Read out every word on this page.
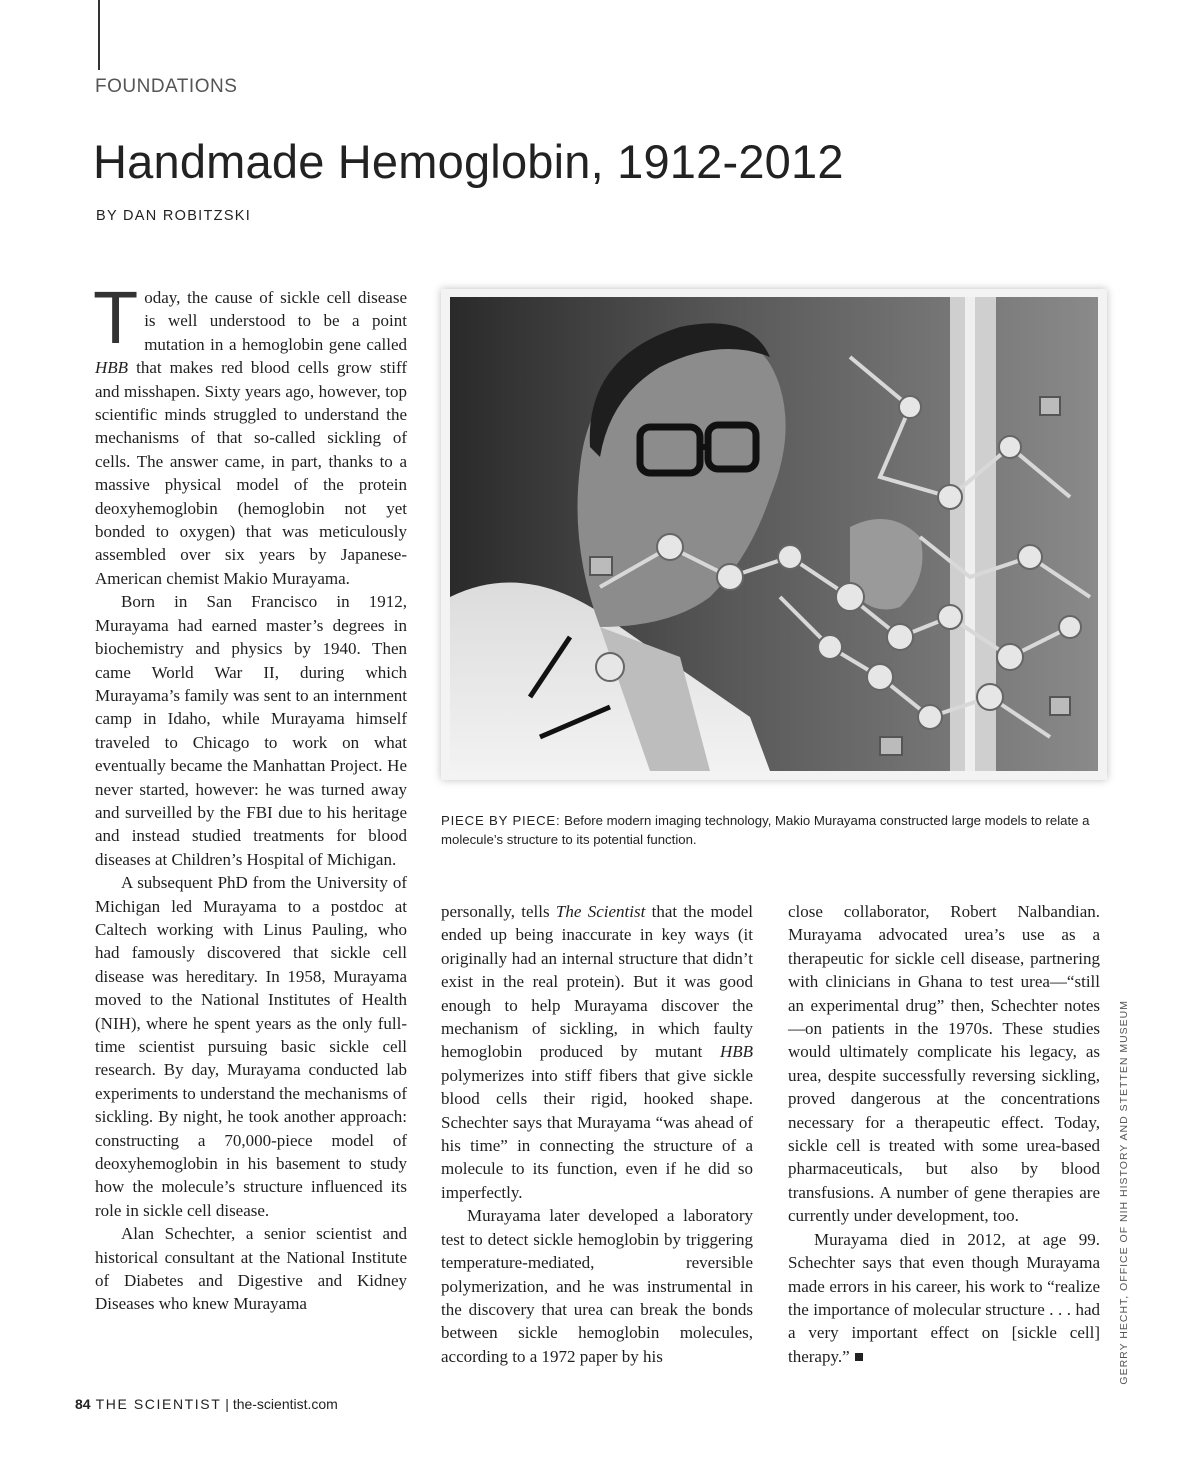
FOUNDATIONS
Handmade Hemoglobin, 1912-2012
BY DAN ROBITZSKI

Today, the cause of sickle cell disease is well understood to be a point mutation in a hemoglobin gene called HBB that makes red blood cells grow stiff and misshapen. Sixty years ago, however, top scientific minds struggled to understand the mechanisms of that so-called sickling of cells. The answer came, in part, thanks to a massive physical model of the protein deoxyhemoglobin (hemoglobin not yet bonded to oxygen) that was meticulously assembled over six years by Japanese-American chemist Makio Murayama.

Born in San Francisco in 1912, Murayama had earned master’s degrees in biochemistry and physics by 1940. Then came World War II, during which Murayama’s family was sent to an internment camp in Idaho, while Murayama himself traveled to Chicago to work on what eventually became the Manhattan Project. He never started, however: he was turned away and surveilled by the FBI due to his heritage and instead studied treatments for blood diseases at Children’s Hospital of Michigan.

A subsequent PhD from the University of Michigan led Murayama to a postdoc at Caltech working with Linus Pauling, who had famously discovered that sickle cell disease was hereditary. In 1958, Murayama moved to the National Institutes of Health (NIH), where he spent years as the only full-time scientist pursuing basic sickle cell research. By day, Murayama conducted lab experiments to understand the mechanisms of sickling. By night, he took another approach: constructing a 70,000-piece model of deoxyhemoglobin in his basement to study how the molecule’s structure influenced its role in sickle cell disease.

Alan Schechter, a senior scientist and historical consultant at the National Institute of Diabetes and Digestive and Kidney Diseases who knew Murayama

PIECE BY PIECE: Before modern imaging technology, Makio Murayama constructed large models to relate a molecule’s structure to its potential function.
GERRY HECHT, OFFICE OF NIH HISTORY AND STETTEN MUSEUM

personally, tells The Scientist that the model ended up being inaccurate in key ways (it originally had an internal structure that didn’t exist in the real protein). But it was good enough to help Murayama discover the mechanism of sickling, in which faulty hemoglobin produced by mutant HBB polymerizes into stiff fibers that give sickle blood cells their rigid, hooked shape. Schechter says that Murayama “was ahead of his time” in connecting the structure of a molecule to its function, even if he did so imperfectly.

Murayama later developed a laboratory test to detect sickle hemoglobin by triggering temperature-mediated, reversible polymerization, and he was instrumental in the discovery that urea can break the bonds between sickle hemoglobin molecules, according to a 1972 paper by his

close collaborator, Robert Nalbandian. Murayama advocated urea’s use as a therapeutic for sickle cell disease, partnering with clinicians in Ghana to test urea—“still an experimental drug” then, Schechter notes—on patients in the 1970s. These studies would ultimately complicate his legacy, as urea, despite successfully reversing sickling, proved dangerous at the concentrations necessary for a therapeutic effect. Today, sickle cell is treated with some urea-based pharmaceuticals, but also by blood transfusions. A number of gene therapies are currently under development, too.

Murayama died in 2012, at age 99. Schechter says that even though Murayama made errors in his career, his work to “realize the importance of molecular structure . . . had a very important effect on [sickle cell] therapy.”

84 THE SCIENTIST | the-scientist.com
